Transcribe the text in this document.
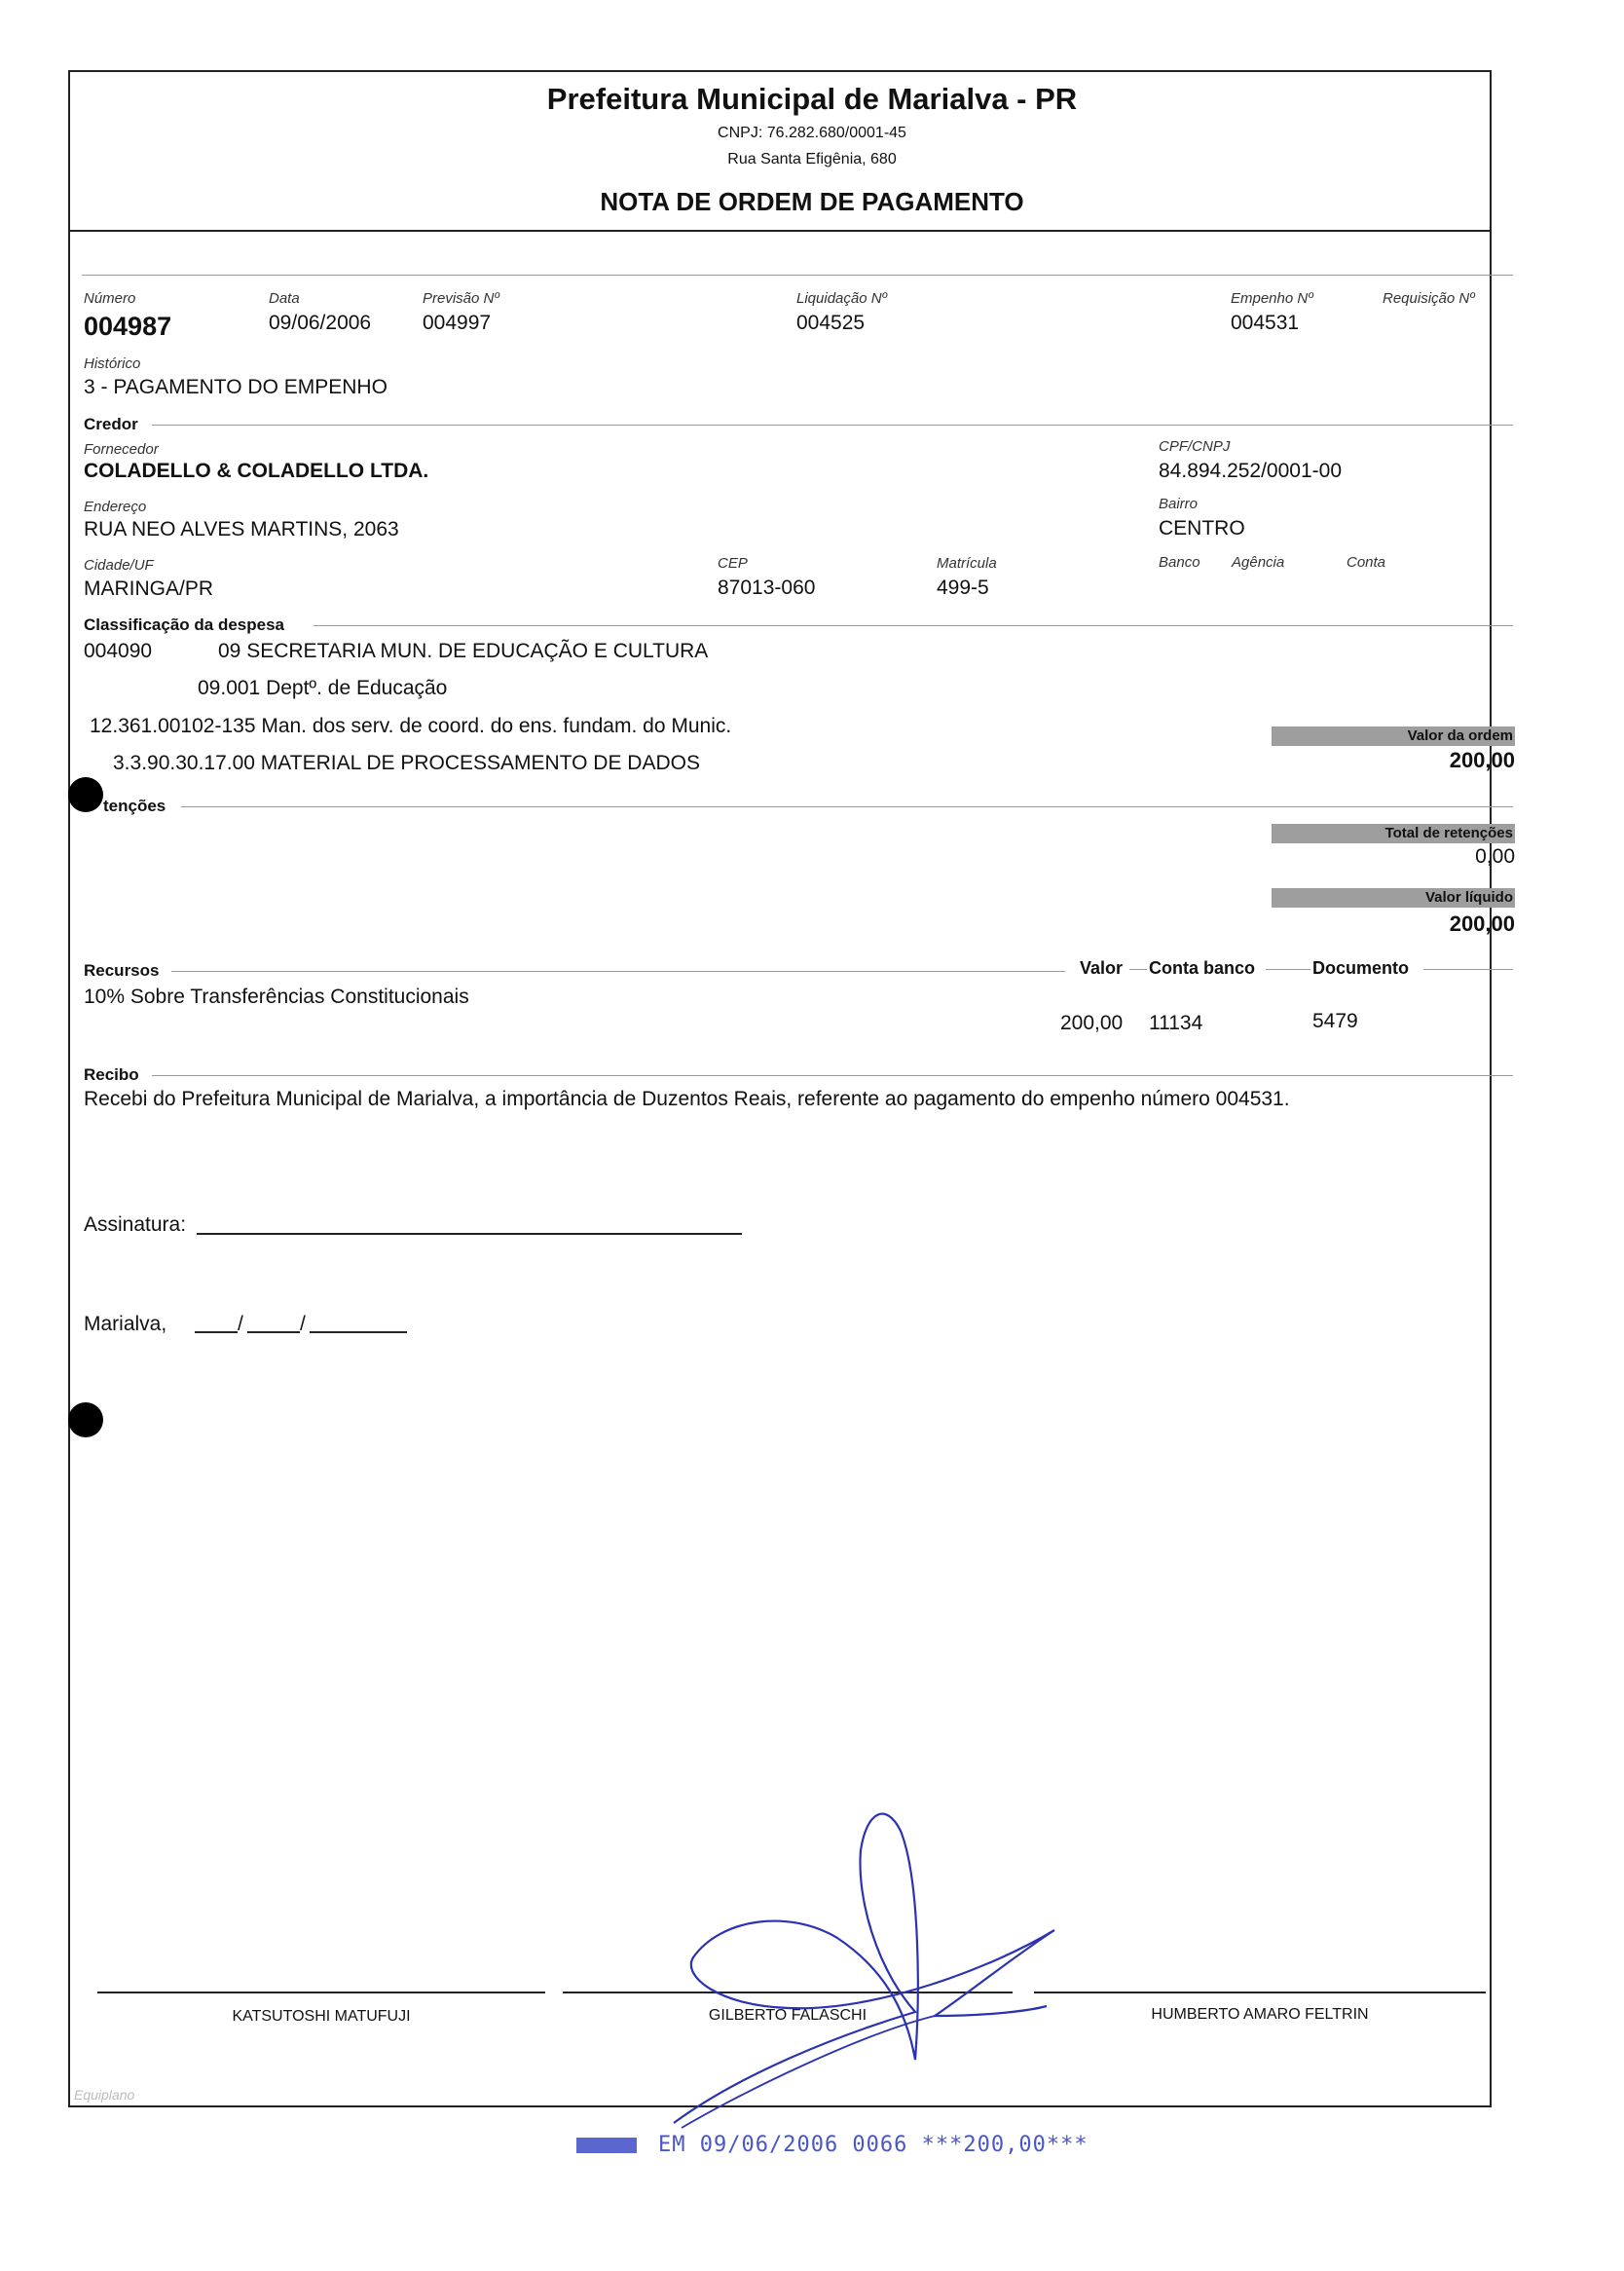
Prefeitura Municipal de Marialva - PR
CNPJ: 76.282.680/0001-45
Rua Santa Efigênia, 680
NOTA DE ORDEM DE PAGAMENTO
Número
004987
Data
09/06/2006
Previsão Nº
004997
Liquidação Nº
004525
Empenho Nº
004531
Requisição Nº
Histórico
3 - PAGAMENTO DO EMPENHO
Credor
Fornecedor
COLADELLO & COLADELLO LTDA.
CPF/CNPJ
84.894.252/0001-00
Endereço
RUA NEO ALVES MARTINS, 2063
Bairro
CENTRO
Cidade/UF
MARINGA/PR
CEP
87013-060
Matrícula
499-5
Banco Agência	Conta
Classificação da despesa
004090	09 SECRETARIA MUN. DE EDUCAÇÃO E CULTURA
09.001 Deptº. de Educação
12.361.00102-135 Man. dos serv. de coord. do ens. fundam. do Munic.
3.3.90.30.17.00 MATERIAL DE PROCESSAMENTO DE DADOS
Valor da ordem
200,00
tenções
Total de retenções
0,00
Valor líquido
200,00
Recursos	Valor Conta banco	Documento
10% Sobre Transferências Constitucionais
200,00 11134	5479
Recibo
Recebi do Prefeitura Municipal de Marialva, a importância de Duzentos Reais, referente ao pagamento do empenho número 004531.
Assinatura:
Marialva,	/	/
KATSUTOSHI MATUFUJI	GILBERTO FALASCHI	HUMBERTO AMARO FELTRIN
Equiplano
EM 09/06/2006 0066 ***200,00***
